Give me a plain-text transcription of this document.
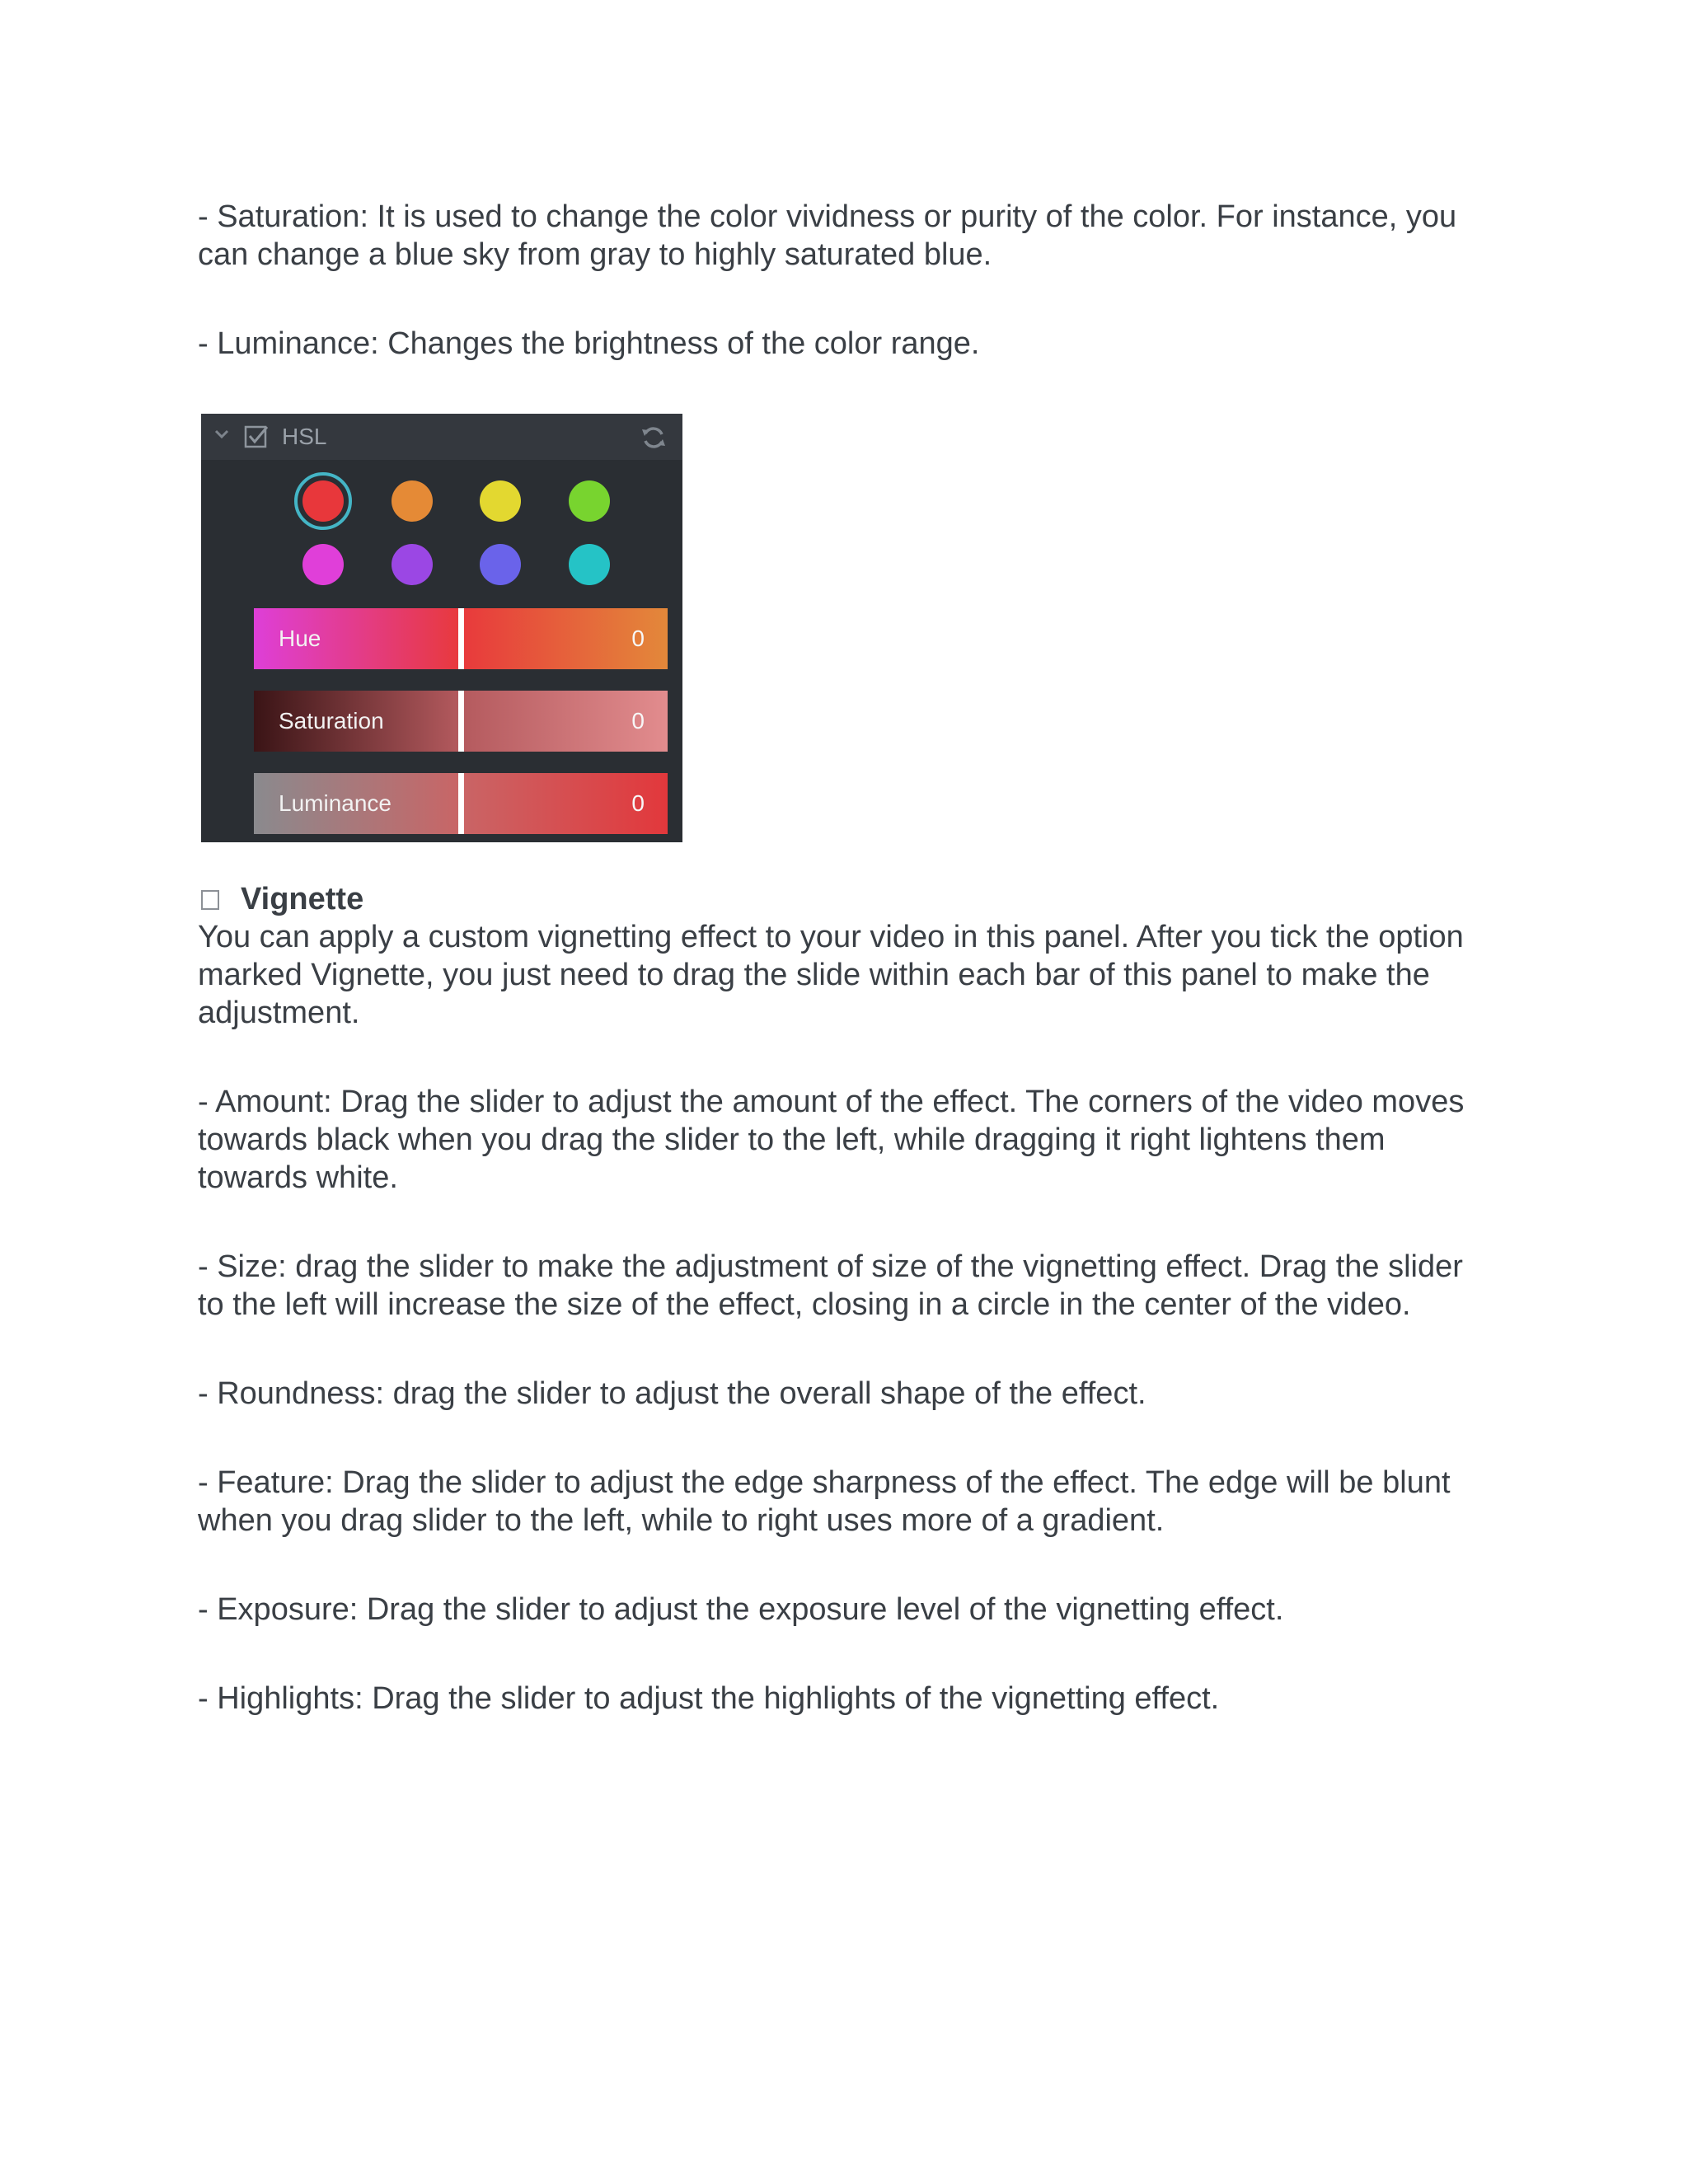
- Saturation: It is used to change the color vividness or purity of the color. For instance, you can change a blue sky from gray to highly saturated blue.

- Luminance: Changes the brightness of the color range.

HSL
Hue	0
Saturation	0
Luminance	0
Vignette

You can apply a custom vignetting effect to your video in this panel. After you tick the option marked Vignette, you just need to drag the slide within each bar of this panel to make the adjustment.

- Amount: Drag the slider to adjust the amount of the effect. The corners of the video moves towards black when you drag the slider to the left, while dragging it right lightens them towards white.

- Size: drag the slider to make the adjustment of size of the vignetting effect. Drag the slider to the left will increase the size of the effect, closing in a circle in the center of the video.

- Roundness: drag the slider to adjust the overall shape of the effect.

- Feature: Drag the slider to adjust the edge sharpness of the effect. The edge will be blunt when you drag slider to the left, while to right uses more of a gradient.

- Exposure: Drag the slider to adjust the exposure level of the vignetting effect.

- Highlights: Drag the slider to adjust the highlights of the vignetting effect.
